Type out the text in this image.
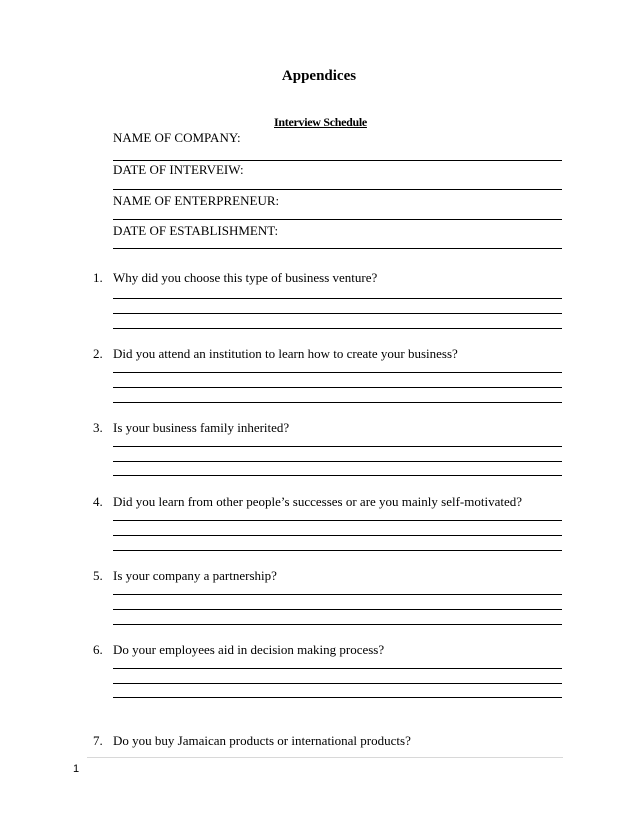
Appendices
Interview Schedule
NAME OF COMPANY:
DATE OF INTERVEIW:
NAME OF ENTERPRENEUR:
DATE OF ESTABLISHMENT:
1. Why did you choose this type of business venture?
2. Did you attend an institution to learn how to create your business?
3. Is your business family inherited?
4. Did you learn from other people’s successes or are you mainly self-motivated?
5. Is your company a partnership?
6. Do your employees aid in decision making process?
7. Do you buy Jamaican products or international products?
1
